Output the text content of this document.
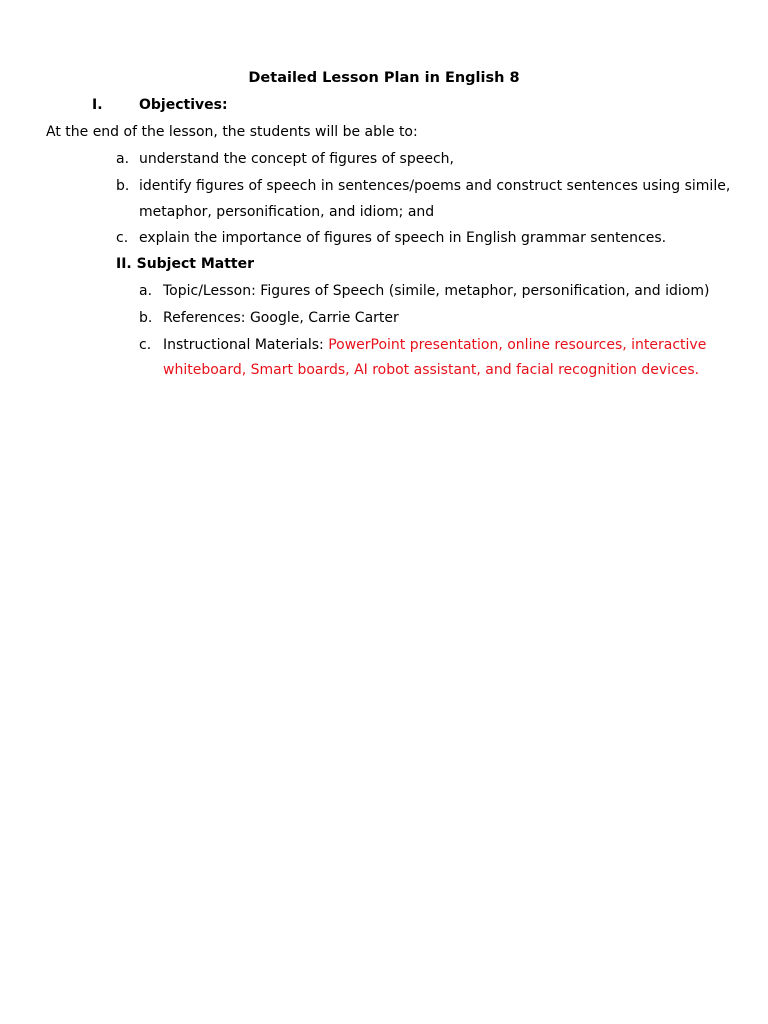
Detailed Lesson Plan in English 8
I.	Objectives:
At the end of the lesson, the students will be able to:
a. understand the concept of figures of speech,
b. identify figures of speech in sentences/poems and construct sentences using simile,
metaphor, personification, and idiom; and
c. explain the importance of figures of speech in English grammar sentences.
II. Subject Matter
a. Topic/Lesson: Figures of Speech (simile, metaphor, personification, and idiom)
b. References: Google, Carrie Carter
c. Instructional Materials: PowerPoint presentation, online resources, interactive
whiteboard, Smart boards, AI robot assistant, and facial recognition devices.
